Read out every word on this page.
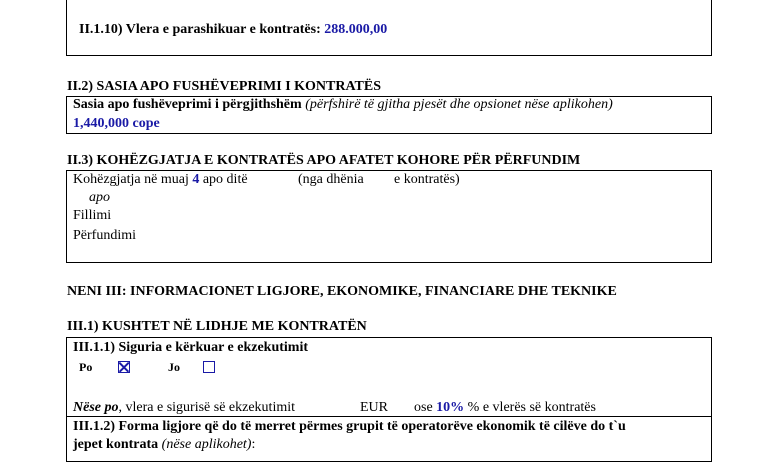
II.1.10) Vlera e parashikuar e kontratës: 288.000,00
II.2) SASIA APO FUSHËVEPRIMI I KONTRATËS
Sasia apo fushëveprimi i përgjithshëm (përfshirë të gjitha pjesët dhe opsionet nëse aplikohen)
1,440,000 cope
II.3) KOHËZGJATJA E KONTRATËS APO AFATET KOHORE PËR PËRFUNDIM
Kohëzgjatja në muaj 4 apo ditë	(nga dhënia e kontratës)
apo
Fillimi
Përfundimi
NENI III: INFORMACIONET LIGJORE, EKONOMIKE, FINANCIARE DHE TEKNIKE
III.1) KUSHTET NË LIDHJE ME KONTRATËN
III.1.1) Siguria e kërkuar e ekzekutimit
Po	Jo
Nëse po, vlera e sigurisë së ekzekutimit	EUR ose 10% % e vlerës së kontratës
III.1.2) Forma ligjore që do të merret përmes grupit të operatorëve ekonomik të cilëve do t`u
jepet kontrata (nëse aplikohet):
